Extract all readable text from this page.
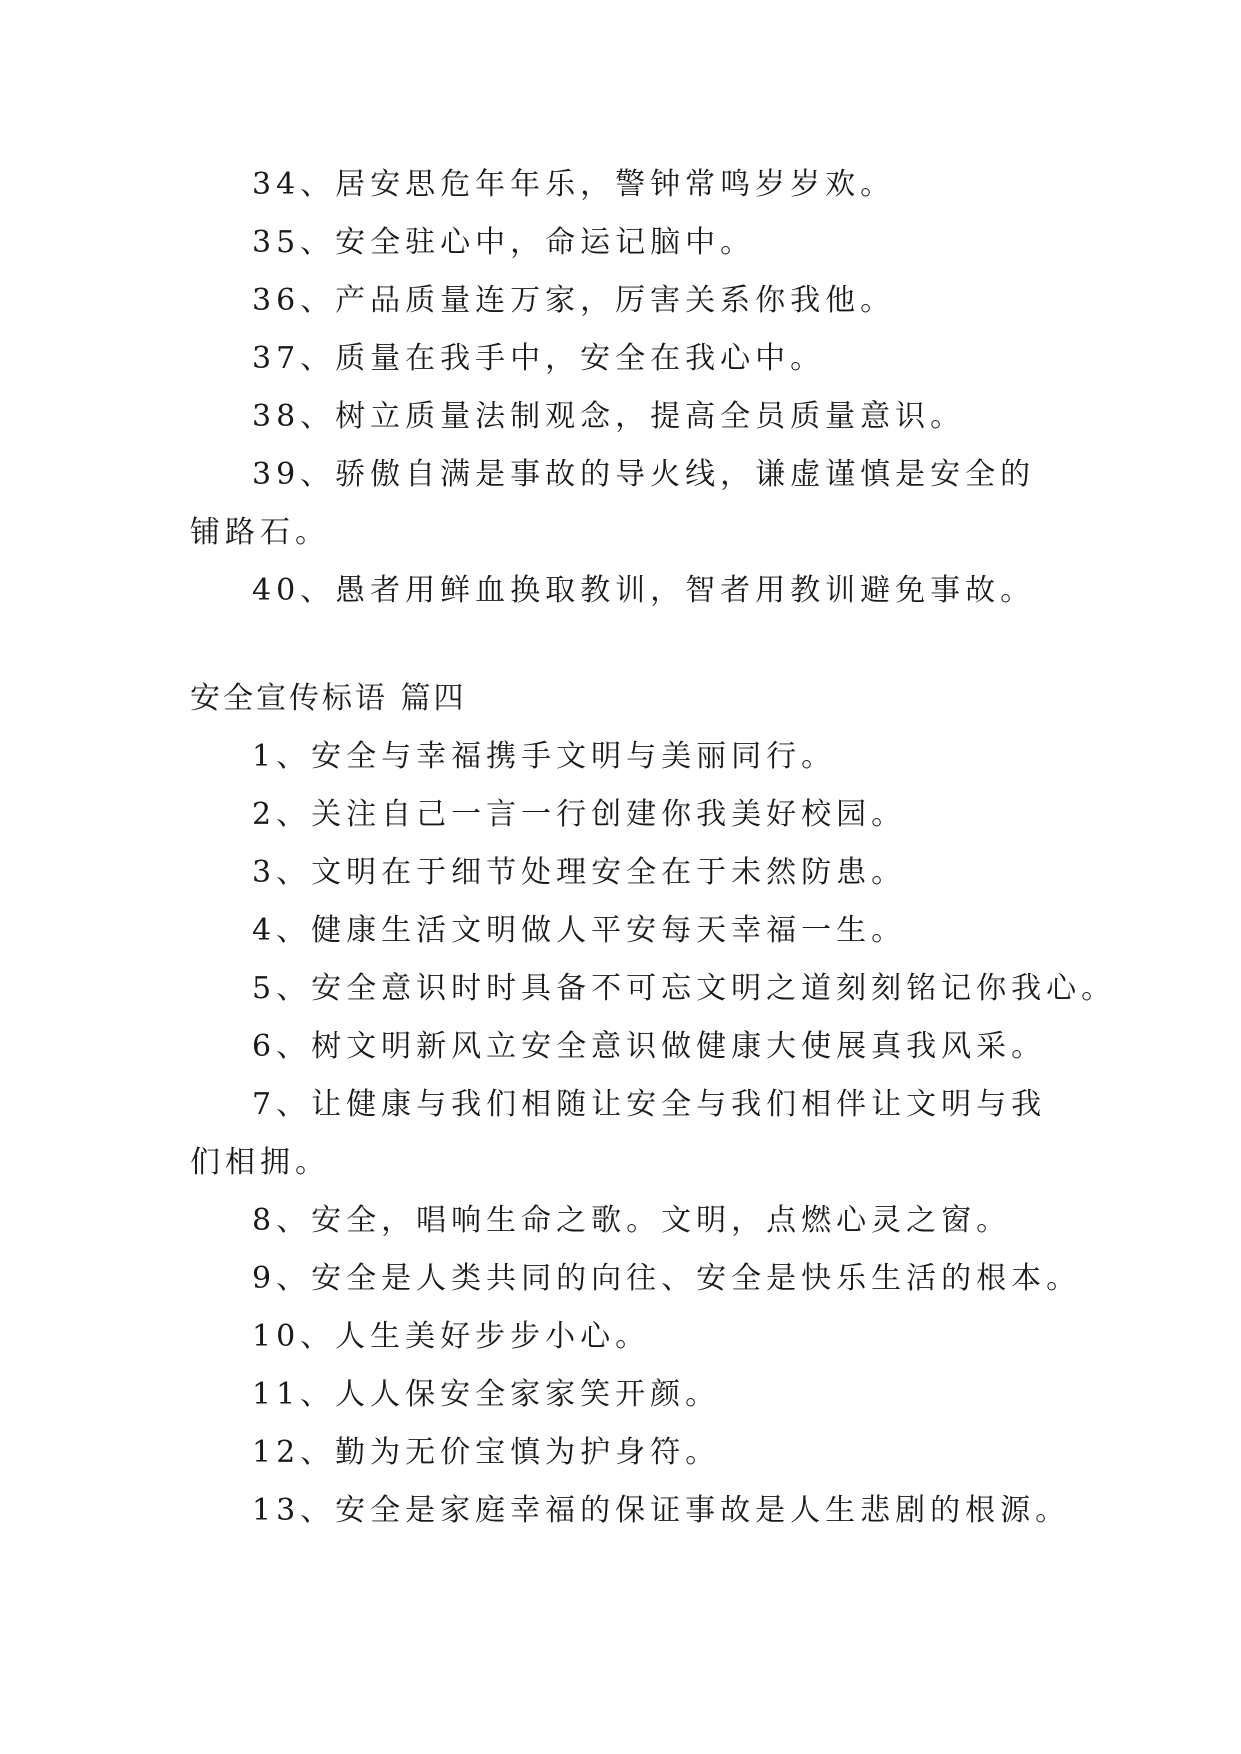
34、居安思危年年乐，警钟常鸣岁岁欢。

35、安全驻心中，命运记脑中。

36、产品质量连万家，厉害关系你我他。

37、质量在我手中，安全在我心中。

38、树立质量法制观念，提高全员质量意识。

39、骄傲自满是事故的导火线，谦虚谨慎是安全的铺路石。

40、愚者用鲜血换取教训，智者用教训避免事故。

安全宣传标语 篇四

1、安全与幸福携手文明与美丽同行。

2、关注自己一言一行创建你我美好校园。

3、文明在于细节处理安全在于未然防患。

4、健康生活文明做人平安每天幸福一生。

5、安全意识时时具备不可忘文明之道刻刻铭记你我心。

6、树文明新风立安全意识做健康大使展真我风采。

7、让健康与我们相随让安全与我们相伴让文明与我们相拥。

8、安全，唱响生命之歌。文明，点燃心灵之窗。

9、安全是人类共同的向往、安全是快乐生活的根本。

10、人生美好步步小心。

11、人人保安全家家笑开颜。

12、勤为无价宝慎为护身符。

13、安全是家庭幸福的保证事故是人生悲剧的根源。
